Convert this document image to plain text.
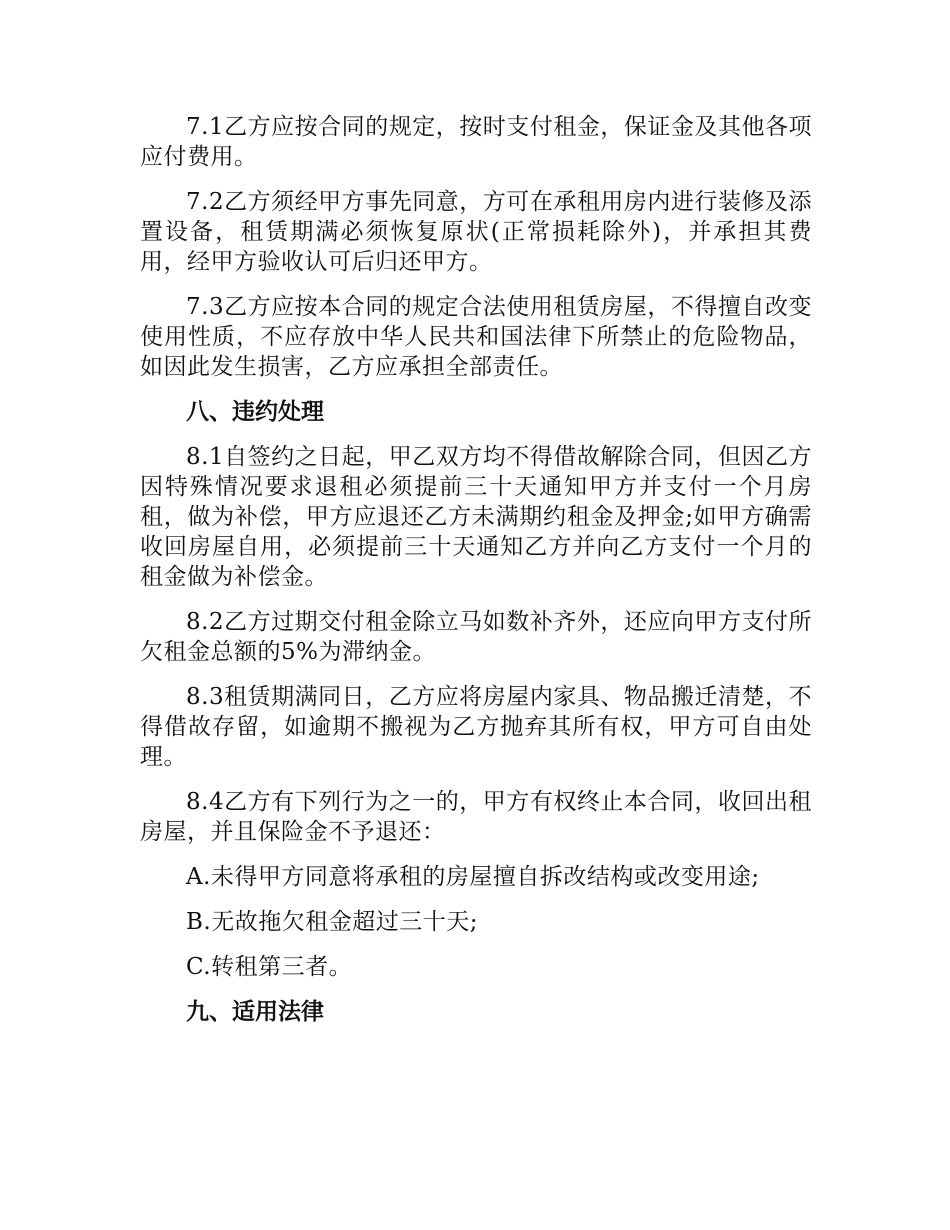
7.1乙方应按合同的规定，按时支付租金，保证金及其他各项应付费用。

7.2乙方须经甲方事先同意，方可在承租用房内进行装修及添置设备，租赁期满必须恢复原状(正常损耗除外)，并承担其费用，经甲方验收认可后归还甲方。

7.3乙方应按本合同的规定合法使用租赁房屋，不得擅自改变使用性质，不应存放中华人民共和国法律下所禁止的危险物品，如因此发生损害，乙方应承担全部责任。

八、违约处理

8.1自签约之日起，甲乙双方均不得借故解除合同，但因乙方因特殊情况要求退租必须提前三十天通知甲方并支付一个月房租，做为补偿，甲方应退还乙方未满期约租金及押金;如甲方确需收回房屋自用，必须提前三十天通知乙方并向乙方支付一个月的租金做为补偿金。

8.2乙方过期交付租金除立马如数补齐外，还应向甲方支付所欠租金总额的5%为滞纳金。

8.3租赁期满同日，乙方应将房屋内家具、物品搬迁清楚，不得借故存留，如逾期不搬视为乙方抛弃其所有权，甲方可自由处理。

8.4乙方有下列行为之一的，甲方有权终止本合同，收回出租房屋，并且保险金不予退还：

A.未得甲方同意将承租的房屋擅自拆改结构或改变用途;

B.无故拖欠租金超过三十天;

C.转租第三者。

九、适用法律
